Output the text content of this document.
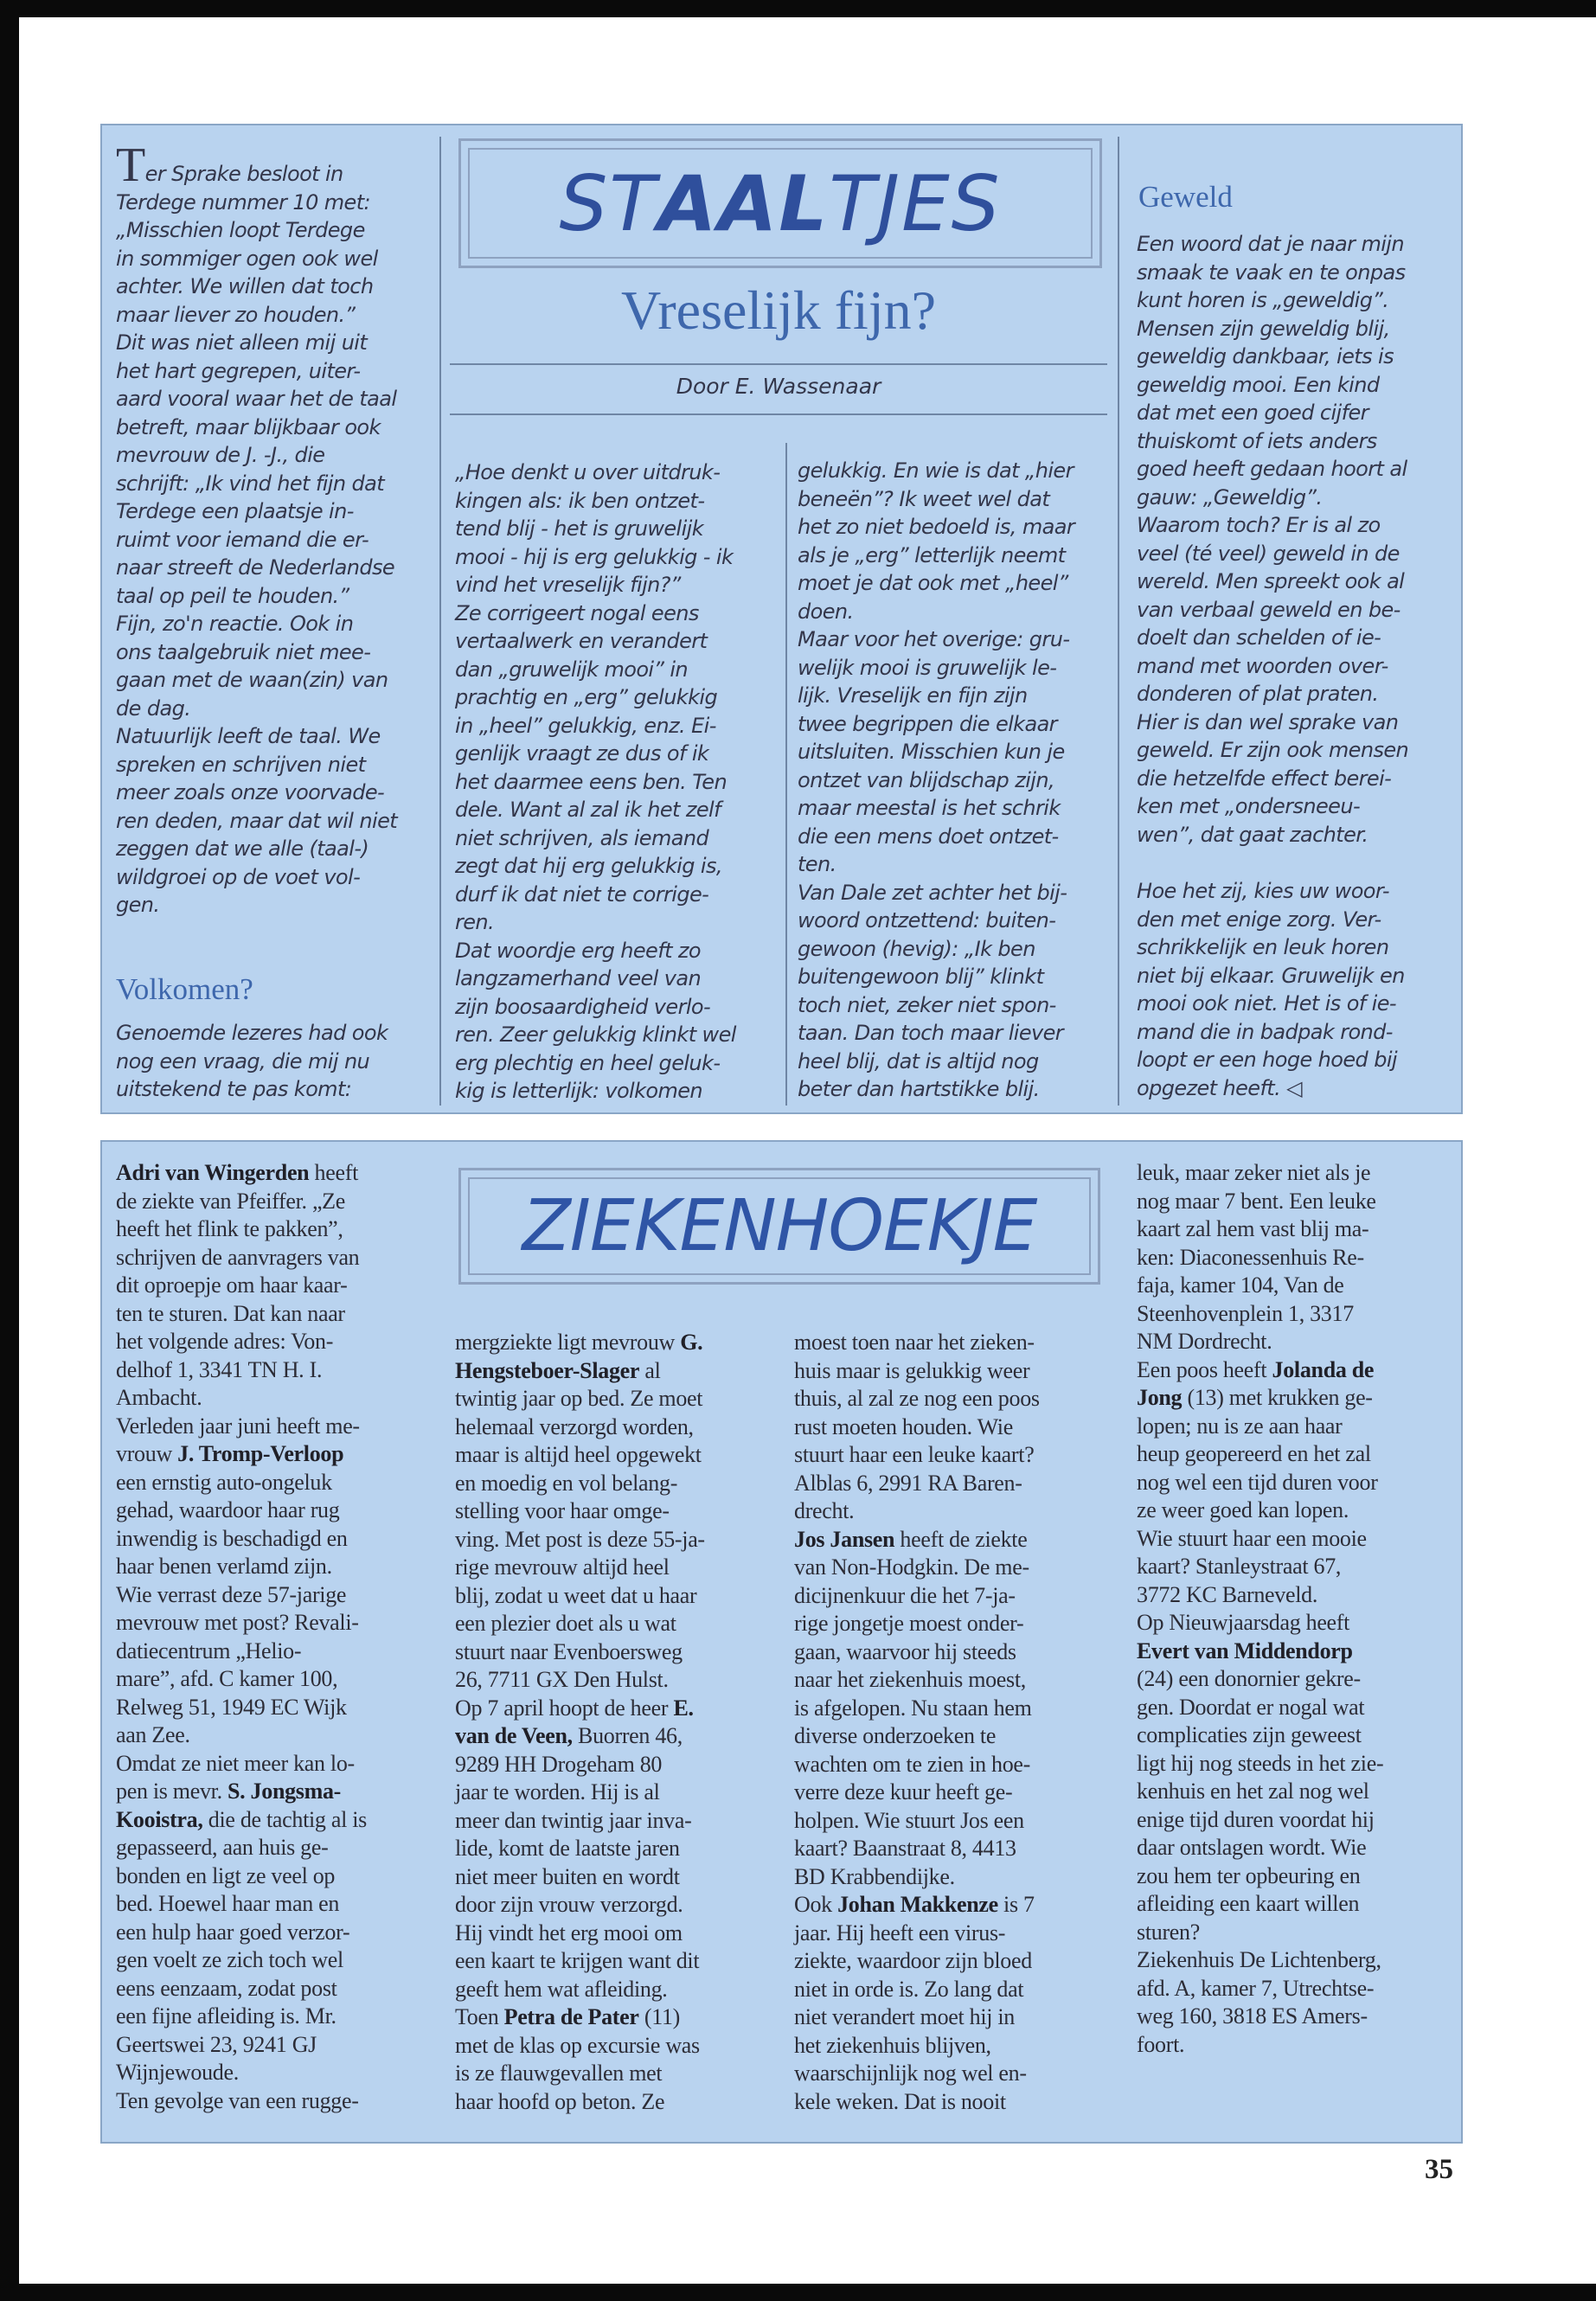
STAALTJES

Vreselijk fijn?

Door E. Wassenaar

Ter Sprake besloot in
Terdege nummer 10 met:
„Misschien loopt Terdege
in sommiger ogen ook wel
achter. We willen dat toch
maar liever zo houden.”
Dit was niet alleen mij uit
het hart gegrepen, uiter-
aard vooral waar het de taal
betreft, maar blijkbaar ook
mevrouw de J. -J., die
schrijft: „Ik vind het fijn dat
Terdege een plaatsje in-
ruimt voor iemand die er-
naar streeft de Nederlandse
taal op peil te houden.”
Fijn, zo'n reactie. Ook in
ons taalgebruik niet mee-
gaan met de waan(zin) van
de dag.
Natuurlijk leeft de taal. We
spreken en schrijven niet
meer zoals onze voorvade-
ren deden, maar dat wil niet
zeggen dat we alle (taal-)
wildgroei op de voet vol-
gen.

Volkomen?

Genoemde lezeres had ook
nog een vraag, die mij nu
uitstekend te pas komt:
„Hoe denkt u over uitdruk-
kingen als: ik ben ontzet-
tend blij - het is gruwelijk
mooi - hij is erg gelukkig - ik
vind het vreselijk fijn?”
Ze corrigeert nogal eens
vertaalwerk en verandert
dan „gruwelijk mooi” in
prachtig en „erg” gelukkig
in „heel” gelukkig, enz. Ei-
genlijk vraagt ze dus of ik
het daarmee eens ben. Ten
dele. Want al zal ik het zelf
niet schrijven, als iemand
zegt dat hij erg gelukkig is,
durf ik dat niet te corrige-
ren.
Dat woordje erg heeft zo
langzamerhand veel van
zijn boosaardigheid verlo-
ren. Zeer gelukkig klinkt wel
erg plechtig en heel geluk-
kig is letterlijk: volkomen
gelukkig. En wie is dat „hier
beneën”? Ik weet wel dat
het zo niet bedoeld is, maar
als je „erg” letterlijk neemt
moet je dat ook met „heel”
doen.
Maar voor het overige: gru-
welijk mooi is gruwelijk le-
lijk. Vreselijk en fijn zijn
twee begrippen die elkaar
uitsluiten. Misschien kun je
ontzet van blijdschap zijn,
maar meestal is het schrik
die een mens doet ontzet-
ten.
Van Dale zet achter het bij-
woord ontzettend: buiten-
gewoon (hevig): „Ik ben
buitengewoon blij” klinkt
toch niet, zeker niet spon-
taan. Dan toch maar liever
heel blij, dat is altijd nog
beter dan hartstikke blij.

Geweld

Een woord dat je naar mijn
smaak te vaak en te onpas
kunt horen is „geweldig”.
Mensen zijn geweldig blij,
geweldig dankbaar, iets is
geweldig mooi. Een kind
dat met een goed cijfer
thuiskomt of iets anders
goed heeft gedaan hoort al
gauw: „Geweldig”.
Waarom toch? Er is al zo
veel (té veel) geweld in de
wereld. Men spreekt ook al
van verbaal geweld en be-
doelt dan schelden of ie-
mand met woorden over-
donderen of plat praten.
Hier is dan wel sprake van
geweld. Er zijn ook mensen
die hetzelfde effect berei-
ken met „ondersneeu-
wen”, dat gaat zachter.
Hoe het zij, kies uw woor-
den met enige zorg. Ver-
schrikkelijk en leuk horen
niet bij elkaar. Gruwelijk en
mooi ook niet. Het is of ie-
mand die in badpak rond-
loopt er een hoge hoed bij
opgezet heeft. ◁
ZIEKENHOEKJE
Adri van Wingerden heeft
de ziekte van Pfeiffer. „Ze
heeft het flink te pakken”,
schrijven de aanvragers van
dit oproepje om haar kaar-
ten te sturen. Dat kan naar
het volgende adres: Von-
delhof 1, 3341 TN H. I.
Ambacht.
Verleden jaar juni heeft me-
vrouw J. Tromp-Verloop
een ernstig auto-ongeluk
gehad, waardoor haar rug
inwendig is beschadigd en
haar benen verlamd zijn.
Wie verrast deze 57-jarige
mevrouw met post? Revali-
datiecentrum „Helio-
mare”, afd. C kamer 100,
Relweg 51, 1949 EC Wijk
aan Zee.
Omdat ze niet meer kan lo-
pen is mevr. S. Jongsma-
Kooistra, die de tachtig al is
gepasseerd, aan huis ge-
bonden en ligt ze veel op
bed. Hoewel haar man en
een hulp haar goed verzor-
gen voelt ze zich toch wel
eens eenzaam, zodat post
een fijne afleiding is. Mr.
Geertsweі 23, 9241 GJ
Wijnjewoude.
Ten gevolge van een rugge-
mergziekte ligt mevrouw G.
Hengsteboer-Slager al
twintig jaar op bed. Ze moet
helemaal verzorgd worden,
maar is altijd heel opgewekt
en moedig en vol belang-
stelling voor haar omge-
ving. Met post is deze 55-ja-
rige mevrouw altijd heel
blij, zodat u weet dat u haar
een plezier doet als u wat
stuurt naar Evenboersweg
26, 7711 GX Den Hulst.
Op 7 april hoopt de heer E.
van de Veen, Buorren 46,
9289 HH Drogeham 80
jaar te worden. Hij is al
meer dan twintig jaar inva-
lide, komt de laatste jaren
niet meer buiten en wordt
door zijn vrouw verzorgd.
Hij vindt het erg mooi om
een kaart te krijgen want dit
geeft hem wat afleiding.
Toen Petra de Pater (11)
met de klas op excursie was
is ze flauwgevallen met
haar hoofd op beton. Ze
moest toen naar het zieken-
huis maar is gelukkig weer
thuis, al zal ze nog een poos
rust moeten houden. Wie
stuurt haar een leuke kaart?
Alblas 6, 2991 RA Baren-
drecht.
Jos Jansen heeft de ziekte
van Non-Hodgkin. De me-
dicijnenkuur die het 7-ja-
rige jongetje moest onder-
gaan, waarvoor hij steeds
naar het ziekenhuis moest,
is afgelopen. Nu staan hem
diverse onderzoeken te
wachten om te zien in hoe-
verre deze kuur heeft ge-
holpen. Wie stuurt Jos een
kaart? Baanstraat 8, 4413
BD Krabbendijke.
Ook Johan Makkenze is 7
jaar. Hij heeft een virus-
ziekte, waardoor zijn bloed
niet in orde is. Zo lang dat
niet verandert moet hij in
het ziekenhuis blijven,
waarschijnlijk nog wel en-
kele weken. Dat is nooit
leuk, maar zeker niet als je
nog maar 7 bent. Een leuke
kaart zal hem vast blij ma-
ken: Diaconessenhuis Re-
faja, kamer 104, Van de
Steenhovenplein 1, 3317
NM Dordrecht.
Een poos heeft Jolanda de
Jong (13) met krukken ge-
lopen; nu is ze aan haar
heup geopereerd en het zal
nog wel een tijd duren voor
ze weer goed kan lopen.
Wie stuurt haar een mooie
kaart? Stanleystraat 67,
3772 KC Barneveld.
Op Nieuwjaarsdag heeft
Evert van Middendorp
(24) een donornier gekre-
gen. Doordat er nogal wat
complicaties zijn geweest
ligt hij nog steeds in het zie-
kenhuis en het zal nog wel
enige tijd duren voordat hij
daar ontslagen wordt. Wie
zou hem ter opbeuring en
afleiding een kaart willen
sturen?
Ziekenhuis De Lichtenberg,
afd. A, kamer 7, Utrechtse-
weg 160, 3818 ES Amers-
foort.

35
